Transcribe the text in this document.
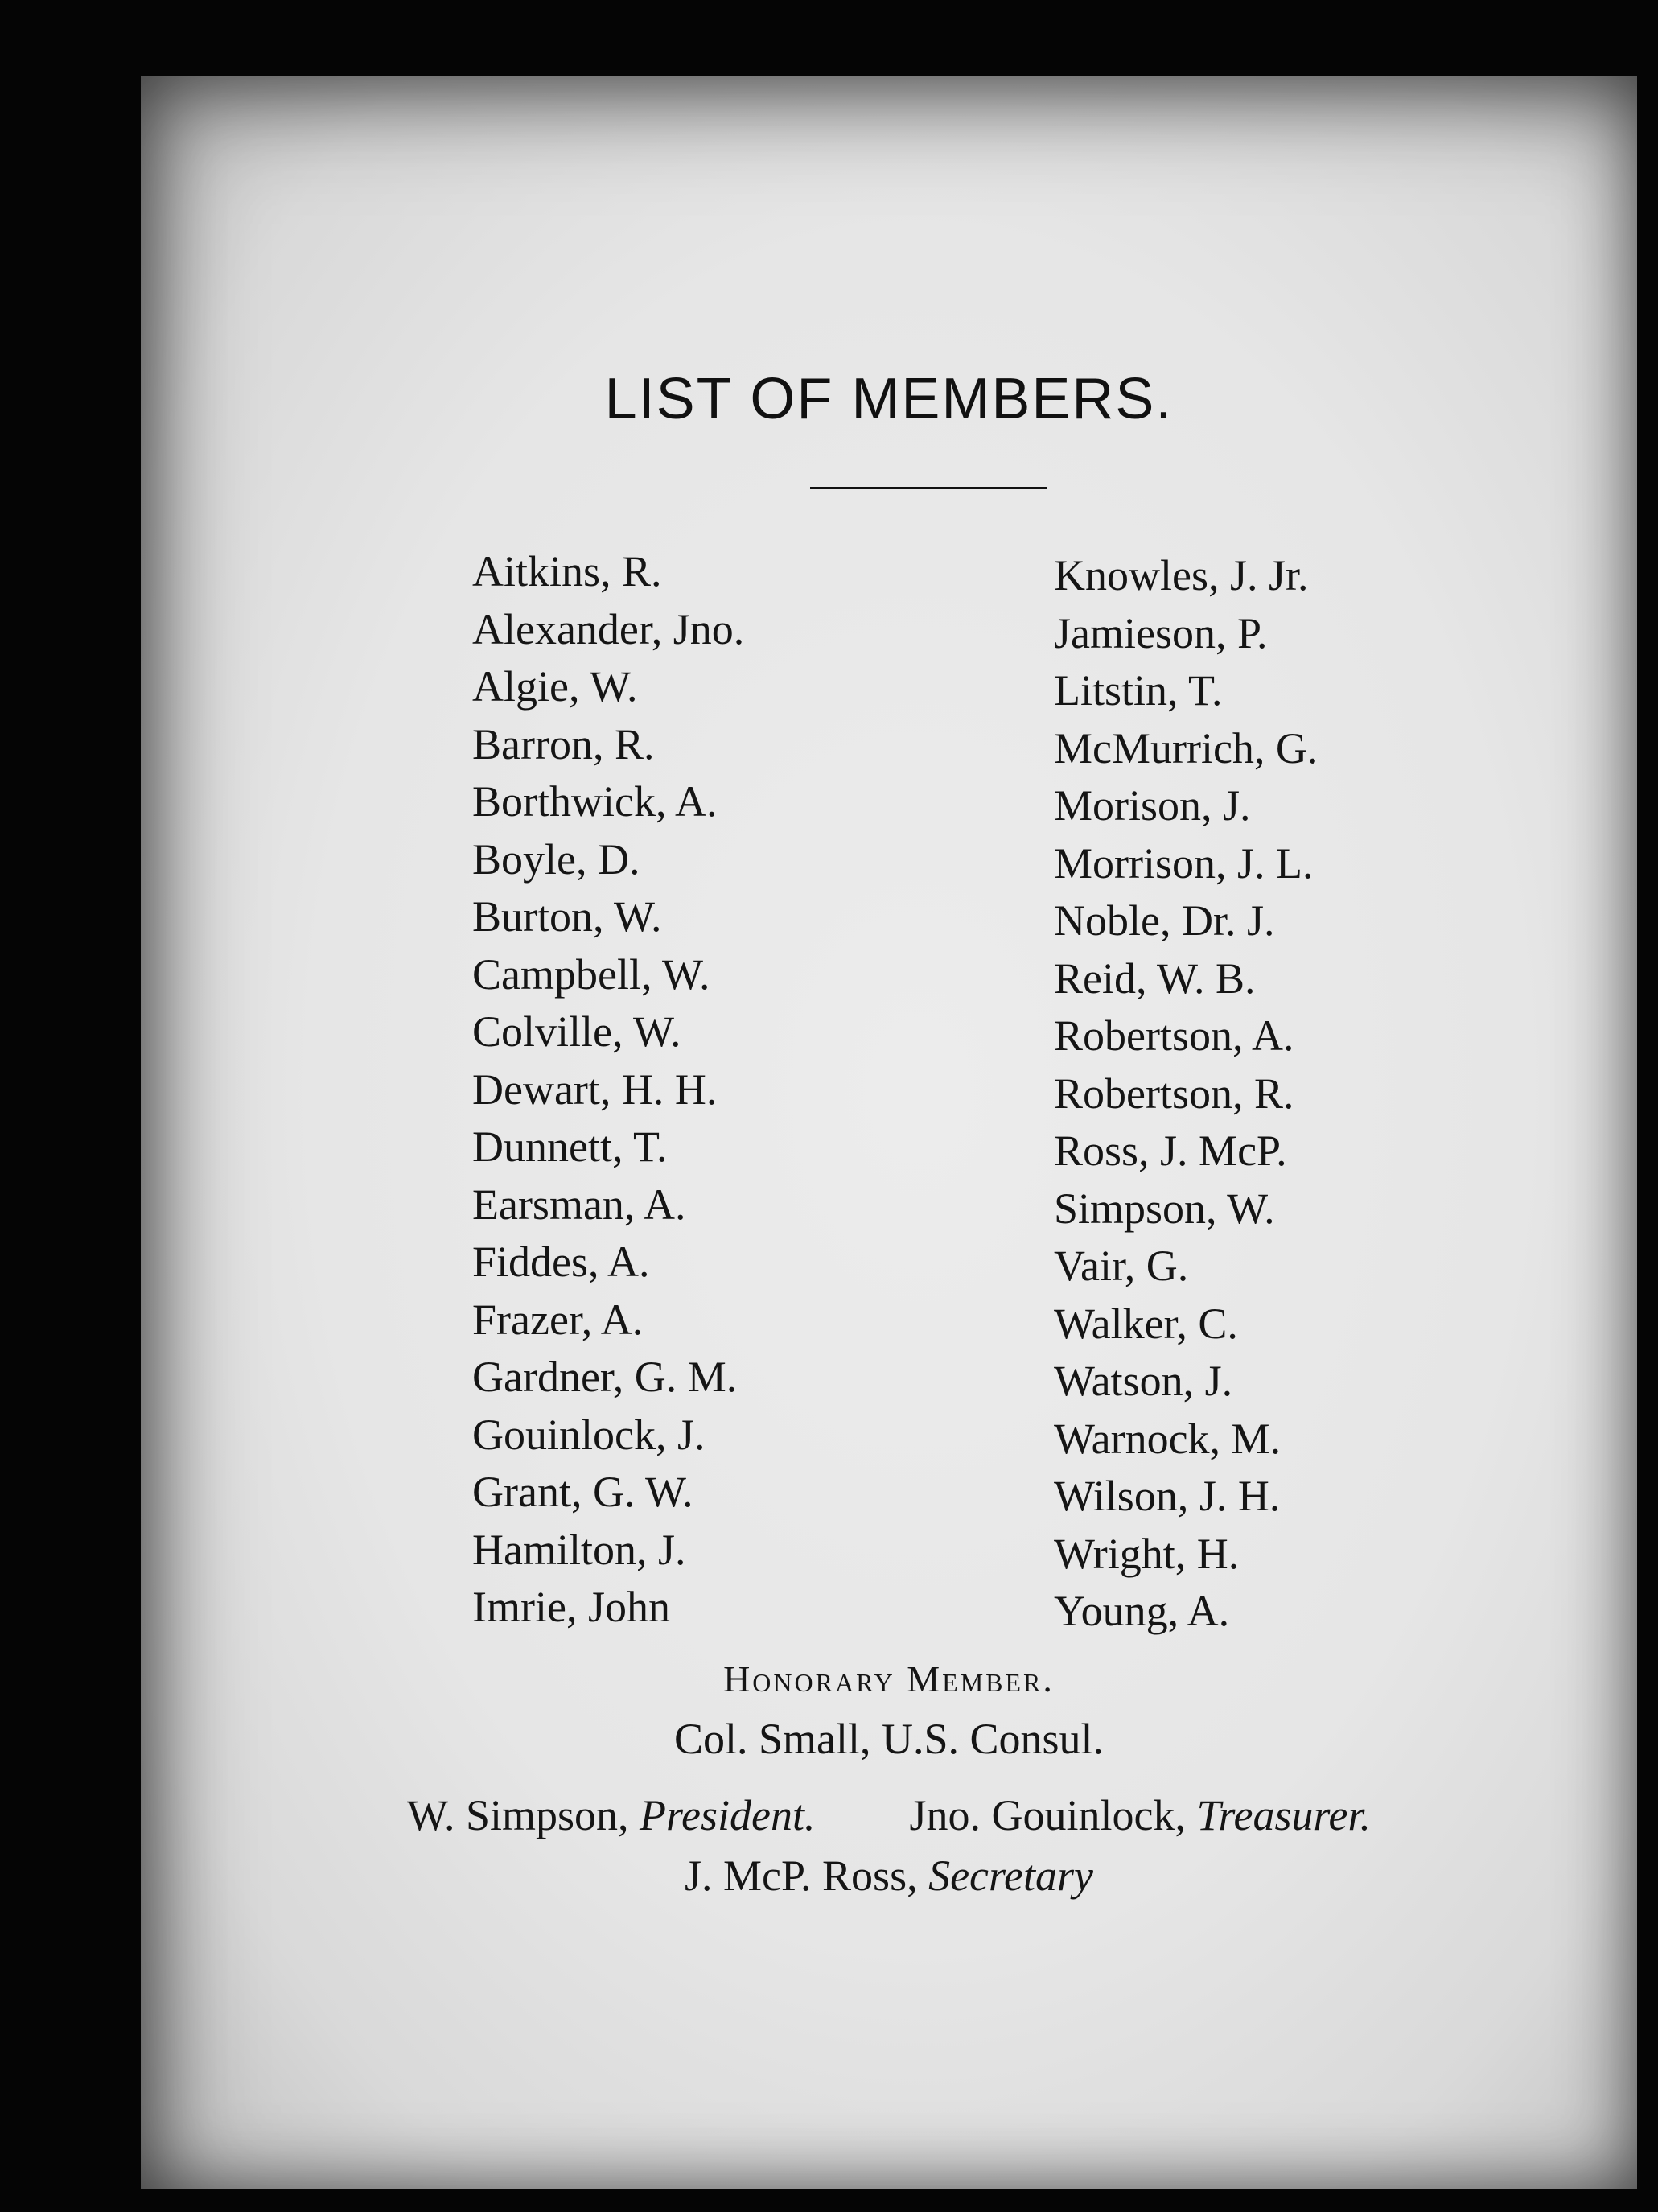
LIST OF MEMBERS.
Aitkins, R.
Alexander, Jno.
Algie, W.
Barron, R.
Borthwick, A.
Boyle, D.
Burton, W.
Campbell, W.
Colville, W.
Dewart, H. H.
Dunnett, T.
Earsman, A.
Fiddes, A.
Frazer, A.
Gardner, G. M.
Gouinlock, J.
Grant, G. W.
Hamilton, J.
Imrie, John
Knowles, J. Jr.
Jamieson, P.
Litstin, T.
McMurrich, G.
Morison, J.
Morrison, J. L.
Noble, Dr. J.
Reid, W. B.
Robertson, A.
Robertson, R.
Ross, J. McP.
Simpson, W.
Vair, G.
Walker, C.
Watson, J.
Warnock, M.
Wilson, J. H.
Wright, H.
Young, A.
Honorary Member.
Col. Small, U.S. Consul.
W. Simpson, President. Jno. Gouinlock, Treasurer.
J. McP. Ross, Secretary
